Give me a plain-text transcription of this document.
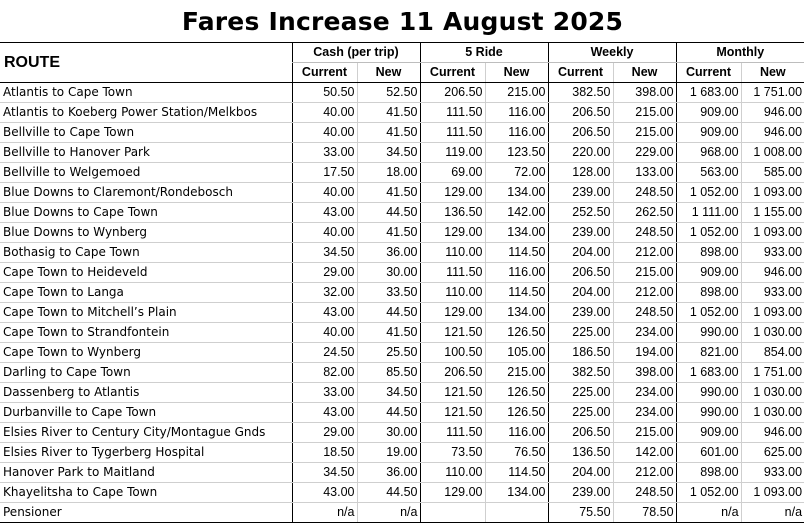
Fares Increase 11 August 2025
ROUTE	Cash (per trip)		5 Ride		Weekly		Monthly	
	Current	New	Current	New	Current	New	Current	New
Atlantis to Cape Town	50.50	52.50	206.50	215.00	382.50	398.00	1 683.00	1 751.00
Atlantis to Koeberg Power Station/Melkbos	40.00	41.50	111.50	116.00	206.50	215.00	909.00	946.00
Bellville to Cape Town	40.00	41.50	111.50	116.00	206.50	215.00	909.00	946.00
Bellville to Hanover Park	33.00	34.50	119.00	123.50	220.00	229.00	968.00	1 008.00
Bellville to Welgemoed	17.50	18.00	69.00	72.00	128.00	133.00	563.00	585.00
Blue Downs to Claremont/Rondebosch	40.00	41.50	129.00	134.00	239.00	248.50	1 052.00	1 093.00
Blue Downs to Cape Town	43.00	44.50	136.50	142.00	252.50	262.50	1 111.00	1 155.00
Blue Downs to Wynberg	40.00	41.50	129.00	134.00	239.00	248.50	1 052.00	1 093.00
Bothasig to Cape Town	34.50	36.00	110.00	114.50	204.00	212.00	898.00	933.00
Cape Town to Heideveld	29.00	30.00	111.50	116.00	206.50	215.00	909.00	946.00
Cape Town to Langa	32.00	33.50	110.00	114.50	204.00	212.00	898.00	933.00
Cape Town to Mitchell’s Plain	43.00	44.50	129.00	134.00	239.00	248.50	1 052.00	1 093.00
Cape Town to Strandfontein	40.00	41.50	121.50	126.50	225.00	234.00	990.00	1 030.00
Cape Town to Wynberg	24.50	25.50	100.50	105.00	186.50	194.00	821.00	854.00
Darling to Cape Town	82.00	85.50	206.50	215.00	382.50	398.00	1 683.00	1 751.00
Dassenberg to Atlantis	33.00	34.50	121.50	126.50	225.00	234.00	990.00	1 030.00
Durbanville to Cape Town	43.00	44.50	121.50	126.50	225.00	234.00	990.00	1 030.00
Elsies River to Century City/Montague Gnds	29.00	30.00	111.50	116.00	206.50	215.00	909.00	946.00
Elsies River to Tygerberg Hospital	18.50	19.00	73.50	76.50	136.50	142.00	601.00	625.00
Hanover Park to Maitland	34.50	36.00	110.00	114.50	204.00	212.00	898.00	933.00
Khayelitsha to Cape Town	43.00	44.50	129.00	134.00	239.00	248.50	1 052.00	1 093.00
Pensioner	n/a	n/a			75.50	78.50	n/a	n/a
